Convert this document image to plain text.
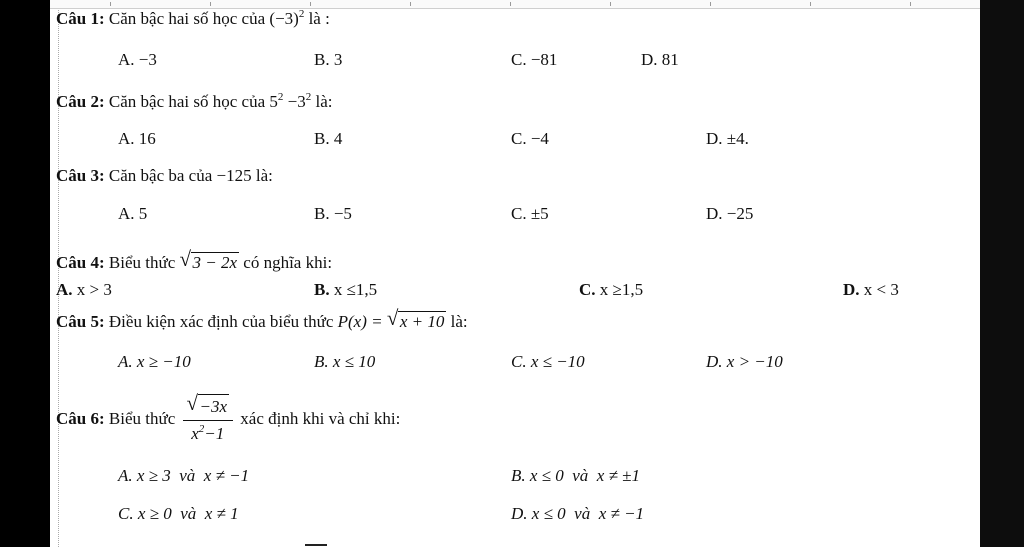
Câu 1: Căn bậc hai số học của $(-3)^2$ là :
A. −3	B. 3	C. −81	D. 81
Câu 2: Căn bậc hai số học của $5^2 -3^2$ là:
A. 16	B. 4	C. −4	D. ±4.
Câu 3: Căn bậc ba của −125 là:
A. 5	B. −5	C. ±5	D. −25
Câu 4: Biểu thức √ 3 − 2x có nghĩa khi:
A. x > 3	B. x ≤1,5	C. x ≥1,5	D. x < 3
Câu 5: Điều kiện xác định của biểu thức P(x) = √ x + 10 là:
A. x ≥ −10	B. x ≤ 10	C. x ≤ −10	D. x > −10
Câu 6: Biểu thức $\frac{√ -3x}{x^2-1}$ xác định khi và chỉ khi:
A. x ≥ 3  và  x ≠ −1	B. x ≤ 0  và  x ≠ ±1
C. x ≥ 0  và  x ≠ 1	D. x ≤ 0  và  x ≠ −1
